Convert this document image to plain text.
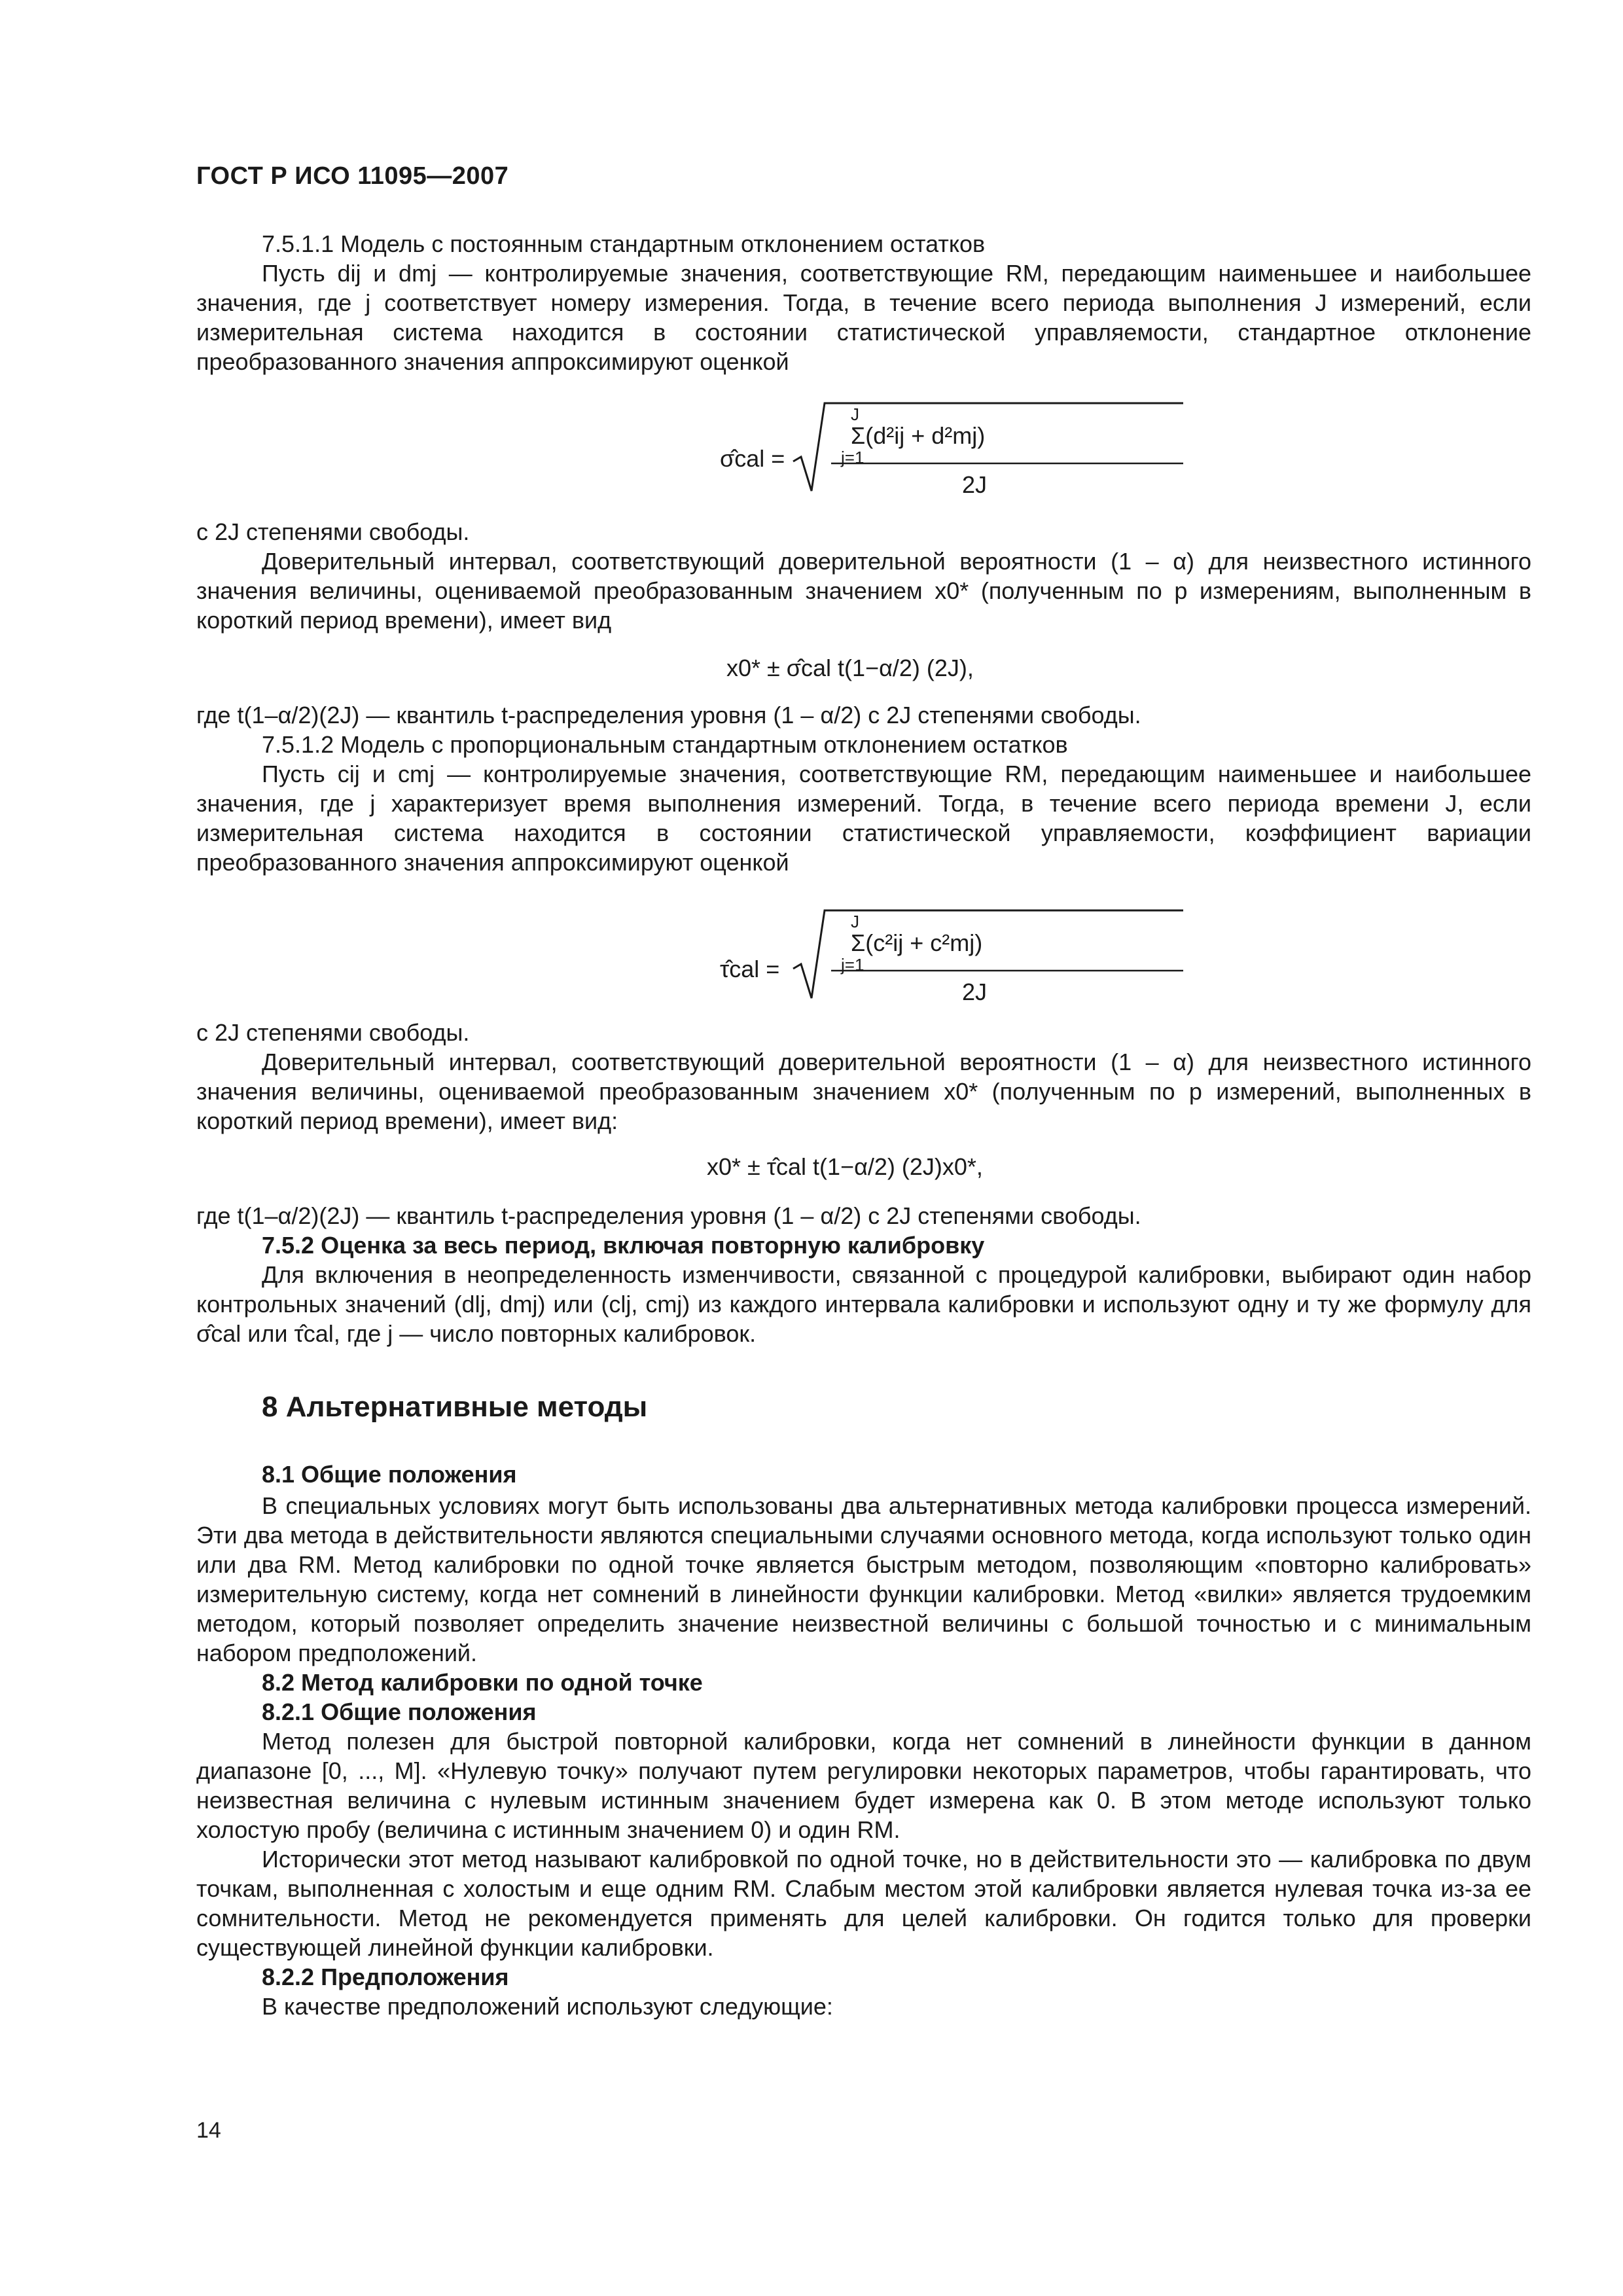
ГОСТ Р ИСО 11095—2007
7.5.1.1 Модель с постоянным стандартным отклонением остатков
Пусть dij и dmj — контролируемые значения, соответствующие RM, передающим наименьшее и наибольшее значения, где j соответствует номеру измерения. Тогда, в течение всего периода выполнения J измерений, если измерительная система находится в состоянии статистической управляемости, стандартное отклонение преобразованного значения аппроксимируют оценкой
σ̂cal =
J
Σ(d²ij + d²mj)
j=1
2J
с 2J степенями свободы.
Доверительный интервал, соответствующий доверительной вероятности (1 – α) для неизвестного истинного значения величины, оцениваемой преобразованным значением x0* (полученным по p измерениям, выполненным в короткий период времени), имеет вид
x0* ± σ̂cal t(1−α/2) (2J),
где t(1–α/2)(2J) — квантиль t-распределения уровня (1 – α/2) с 2J степенями свободы.
7.5.1.2 Модель с пропорциональным стандартным отклонением остатков
Пусть cij и cmj — контролируемые значения, соответствующие RM, передающим наименьшее и наибольшее значения, где j характеризует время выполнения измерений. Тогда, в течение всего периода времени J, если измерительная система находится в состоянии статистической управляемости, коэффициент вариации преобразованного значения аппроксимируют оценкой
τ̂cal =
J
Σ(c²ij + c²mj)
j=1
2J
с 2J степенями свободы.
Доверительный интервал, соответствующий доверительной вероятности (1 – α) для неизвестного истинного значения величины, оцениваемой преобразованным значением x0* (полученным по p измерений, выполненных в короткий период времени), имеет вид:
x0* ± τ̂cal t(1−α/2) (2J)x0*,
где t(1–α/2)(2J) — квантиль t-распределения уровня (1 – α/2) с 2J степенями свободы.
7.5.2 Оценка за весь период, включая повторную калибровку
Для включения в неопределенность изменчивости, связанной с процедурой калибровки, выбирают один набор контрольных значений (dlj, dmj) или (clj, cmj) из каждого интервала калибровки и используют одну и ту же формулу для σ̂cal или τ̂cal, где j — число повторных калибровок.
8 Альтернативные методы
8.1 Общие положения
В специальных условиях могут быть использованы два альтернативных метода калибровки процесса измерений. Эти два метода в действительности являются специальными случаями основного метода, когда используют только один или два RM. Метод калибровки по одной точке является быстрым методом, позволяющим «повторно калибровать» измерительную систему, когда нет сомнений в линейности функции калибровки. Метод «вилки» является трудоемким методом, который позволяет определить значение неизвестной величины с большой точностью и с минимальным набором предположений.
8.2 Метод калибровки по одной точке
8.2.1 Общие положения
Метод полезен для быстрой повторной калибровки, когда нет сомнений в линейности функции в данном диапазоне [0, ..., M]. «Нулевую точку» получают путем регулировки некоторых параметров, чтобы гарантировать, что неизвестная величина с нулевым истинным значением будет измерена как 0. В этом методе используют только холостую пробу (величина с истинным значением 0) и один RM.
Исторически этот метод называют калибровкой по одной точке, но в действительности это — калибровка по двум точкам, выполненная с холостым и еще одним RM. Слабым местом этой калибровки является нулевая точка из-за ее сомнительности. Метод не рекомендуется применять для целей калибровки. Он годится только для проверки существующей линейной функции калибровки.
8.2.2 Предположения
В качестве предположений используют следующие:
14
